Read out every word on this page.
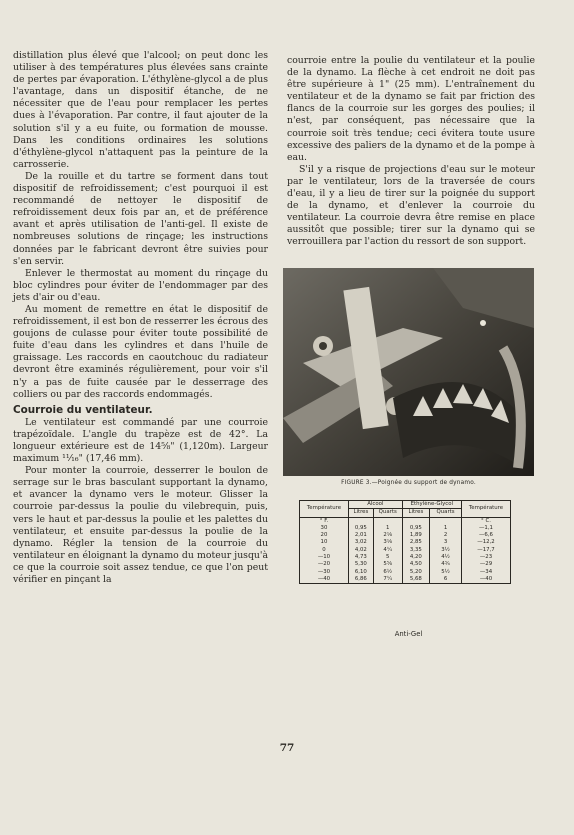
distillation plus élevé que l'alcool; on peut donc les utiliser à des températures plus élevées sans crainte de pertes par évaporation. L'éthylène-glycol a de plus l'avantage, dans un dispositif étanche, de ne nécessiter que de l'eau pour remplacer les pertes dues à l'évaporation. Par contre, il faut ajouter de la solution s'il y a eu fuite, ou formation de mousse. Dans les conditions ordinaires les solutions d'éthylène-glycol n'attaquent pas la peinture de la carrosserie.

De la rouille et du tartre se forment dans tout dispositif de refroidissement; c'est pourquoi il est recommandé de nettoyer le dispositif de refroidissement deux fois par an, et de préférence avant et après utilisation de l'anti-gel. Il existe de nombreuses solutions de rinçage; les instructions données par le fabricant devront être suivies pour s'en servir.

Enlever le thermostat au moment du rinçage du bloc cylindres pour éviter de l'endommager par des jets d'air ou d'eau.

Au moment de remettre en état le dispositif de refroidissement, il est bon de resserrer les écrous des goujons de culasse pour éviter toute possibilité de fuite d'eau dans les cylindres et dans l'huile de graissage. Les raccords en caoutchouc du radiateur devront être examinés régulièrement, pour voir s'il n'y a pas de fuite causée par le desserrage des colliers ou par des raccords endommagés.

Courroie du ventilateur.

Le ventilateur est commandé par une courroie trapézoïdale. L'angle du trapèze est de 42°. La longueur extérieure est de 14⅝" (1,120m). Largeur maximum ¹¹⁄₁₆" (17,46 mm).

Pour monter la courroie, desserrer le boulon de serrage sur le bras basculant supportant la dynamo, et avancer la dynamo vers le moteur. Glisser la courroie par-dessus la poulie du vilebrequin, puis, vers le haut et par-dessus la poulie et les palettes du ventilateur, et ensuite par-dessus la poulie de la dynamo. Régler la tension de la courroie du ventilateur en éloignant la dynamo du moteur jusqu'à ce que la courroie soit assez tendue, ce que l'on peut vérifier en pinçant la

courroie entre la poulie du ventilateur et la poulie de la dynamo. La flèche à cet endroit ne doit pas être supérieure à 1" (25 mm). L'entraînement du ventilateur et de la dynamo se fait par friction des flancs de la courroie sur les gorges des poulies; il n'est, par conséquent, pas nécessaire que la courroie soit très tendue; ceci évitera toute usure excessive des paliers de la dynamo et de la pompe à eau.

S'il y a risque de projections d'eau sur le moteur par le ventilateur, lors de la traversée de cours d'eau, il y a lieu de tirer sur la poignée du support de la dynamo, et d'enlever la courroie du ventilateur. La courroie devra être remise en place aussitôt que possible; tirer sur la dynamo qui se verrouillera par l'action du ressort de son support.

FIGURE 3.—Poignée du support de dynamo.
Température	Alcool		Ethylène-Glycol		Température
	Litres	Quarts	Litres	Quarts	
° F.					° C.
30	0,95	1	0,95	1	—1,1
20	2,01	2⅛	1,89	2	—6,6
10	3,02	3⅛	2,85	3	—12,2
0	4,02	4¼	3,35	3½	—17,7
—10	4,73	5	4,20	4½	—23
—20	5,30	5⅝	4,50	4¾	—29
—30	6,10	6½	5,20	5½	—34
—40	6,86	7¼	5,68	6	—40
Anti-Gel
77
